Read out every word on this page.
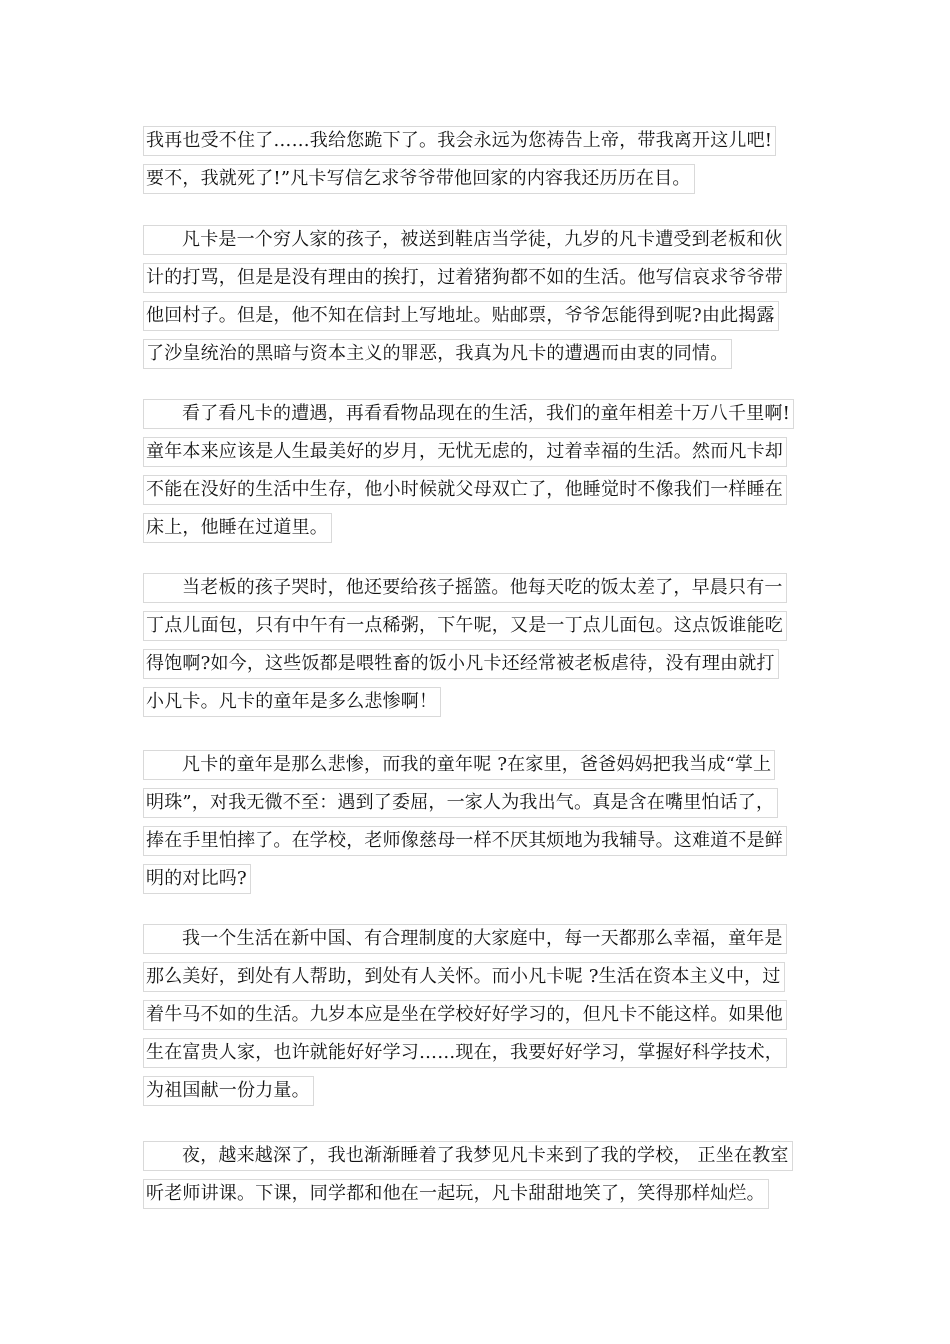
我再也受不住了……我给您跪下了。我会永远为您祷告上帝，带我离开这儿吧!
要不，我就死了!”凡卡写信乞求爷爷带他回家的内容我还历历在目。
凡卡是一个穷人家的孩子，被送到鞋店当学徒，九岁的凡卡遭受到老板和伙
计的打骂，但是是没有理由的挨打，过着猪狗都不如的生活。他写信哀求爷爷带
他回村子。但是，他不知在信封上写地址。贴邮票，爷爷怎能得到呢?由此揭露
了沙皇统治的黑暗与资本主义的罪恶，我真为凡卡的遭遇而由衷的同情。
看了看凡卡的遭遇，再看看物品现在的生活，我们的童年相差十万八千里啊!
童年本来应该是人生最美好的岁月，无忧无虑的，过着幸福的生活。然而凡卡却
不能在没好的生活中生存，他小时候就父母双亡了，他睡觉时不像我们一样睡在
床上，他睡在过道里。
当老板的孩子哭时，他还要给孩子摇篮。他每天吃的饭太差了，早晨只有一
丁点儿面包，只有中午有一点稀粥，下午呢，又是一丁点儿面包。这点饭谁能吃
得饱啊?如今，这些饭都是喂牲畜的饭小凡卡还经常被老板虐待，没有理由就打
小凡卡。凡卡的童年是多么悲惨啊！
凡卡的童年是那么悲惨，而我的童年呢 ?在家里，爸爸妈妈把我当成“掌上
明珠”，对我无微不至：遇到了委屈，一家人为我出气。真是含在嘴里怕话了，
捧在手里怕摔了。在学校，老师像慈母一样不厌其烦地为我辅导。这难道不是鲜
明的对比吗?
我一个生活在新中国、有合理制度的大家庭中，每一天都那么幸福，童年是
那么美好，到处有人帮助，到处有人关怀。而小凡卡呢 ?生活在资本主义中，过
着牛马不如的生活。九岁本应是坐在学校好好学习的，但凡卡不能这样。如果他
生在富贵人家，也许就能好好学习……现在，我要好好学习，掌握好科学技术，
为祖国献一份力量。
夜，越来越深了，我也渐渐睡着了我梦见凡卡来到了我的学校， 正坐在教室
听老师讲课。下课，同学都和他在一起玩，凡卡甜甜地笑了，笑得那样灿烂。
